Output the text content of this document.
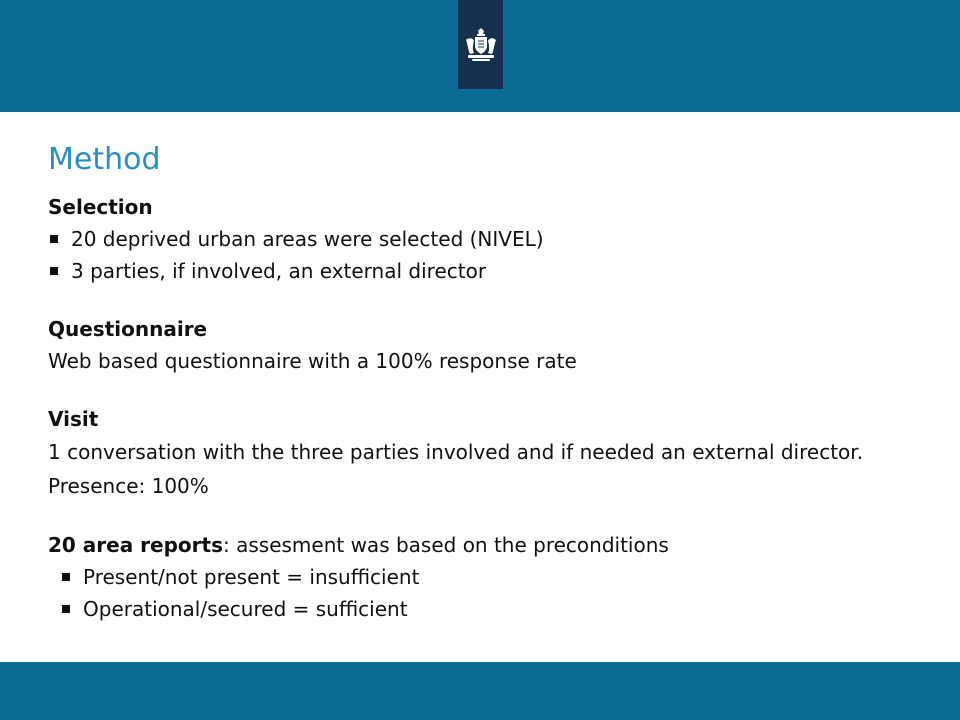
Method
Selection
20 deprived urban areas were selected (NIVEL)
3 parties, if involved, an external director
Questionnaire
Web based questionnaire with a 100% response rate
Visit
1 conversation with the three parties involved and if needed an external director. Presence: 100%
20 area reports: assesment was based on the preconditions
Present/not present = insufficient
Operational/secured = sufficient
